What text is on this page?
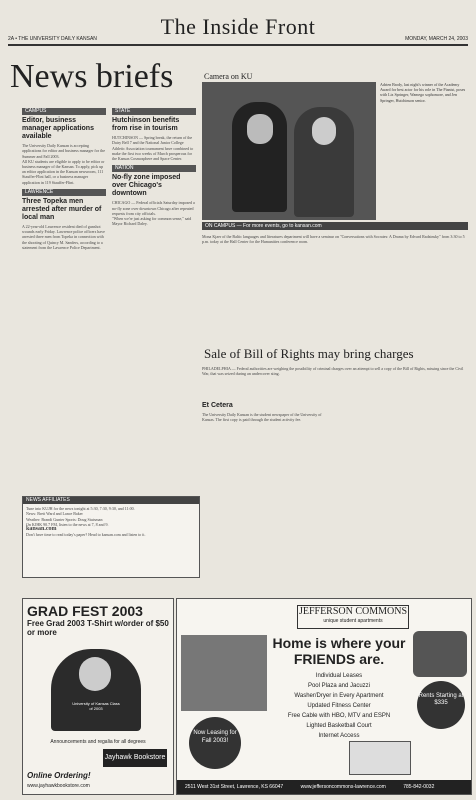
2A • THE UNIVERSITY DAILY KANSAN	The Inside Front	MONDAY, MARCH 24, 2003
News briefs
CAMPUS
Editor, business manager applications available
The University Daily Kansan is accepting applications for editor and business manager for the Summer and Fall 2003.
All KU students are eligible to apply to be editor or business manager of the Kansan. To apply, pick up an editor application in the Kansan newsroom, 111 Stauffer-Flint hall, or a business manager application in 119 Stauffer-Flint.
LAWRENCE
Three Topeka men arrested after murder of local man
A 22-year-old Lawrence resident died of gunshot wounds early Friday. Lawrence police officers have arrested three men from Topeka in connection with the shooting of Quincy M. Sanders, according to a statement from the Lawrence Police Department.
STATE
Hutchinson benefits from rise in tourism
HUTCHINSON — Spring break, the return of the Dairy Bell 7 and the National Junior College Athletic Association tournament have combined to make the first two weeks of March prosperous for the Kansas Cosmosphere and Space Center.
NATION
No-fly zone imposed over Chicago's downtown
CHICAGO — Federal officials Saturday imposed a no-fly zone over downtown Chicago after repeated requests from city officials.
"When we're just asking for common sense," said Mayor Richard Daley.
Camera on KU
Adrien Brody, last night's winner of the Academy Award for best actor for his role in The Pianist, poses with Liz Springer, Wamego sophomore, and Jen Springer, Hutchinson senior.
ON CAMPUS — For more events, go to kansan.com
Mona Kjaer of the Baltic languages and literatures department will have a seminar on "Conversations with Socrates: A Drama by Edvard Radzinsky" from 3:30 to 5 p.m. today at the Hall Center for the Humanities conference room.
Sale of Bill of Rights may bring charges
PHILADELPHIA — Federal authorities are weighing the possibility of criminal charges over an attempt to sell a copy of the Bill of Rights, missing since the Civil War, that was seized during an undercover sting.
Et Cetera
The University Daily Kansan is the student newspaper of the University of Kansas. The first copy is paid through the student activity fee.
NEWS AFFILIATES
Tune into KUJH for the news tonight at 5:30, 7:30, 9:30, and 11:00.
News: Brett Ward and Lance Baker
Weather: Brandi Gunter Sports: Doug Stutsman
On KJHK 90.7 FM, listen to the news at 7, 8 and 9.
kansan.com
Don't have time to read today's paper? Head to kansan.com and listen to it.
GRAD FEST 2003
Free Grad 2003 T-Shirt w/order of $50 or more
University of Kansas Class of 2003
Announcements and regalia for all degrees
Jayhawk Bookstore
Online Ordering!
www.jayhawkbookstore.com
JEFFERSON COMMONS
unique student apartments
Home is where your FRIENDS are.
Individual Leases
Pool Plaza and Jacuzzi
Washer/Dryer in Every Apartment
Updated Fitness Center
Free Cable with HBO, MTV and ESPN
Lighted Basketball Court
Internet Access
Now Leasing for Fall 2003!
Rents Starting at $335
2511 West 31st Street, Lawrence, KS 66047	www.jeffersoncommons-lawrence.com	785-842-0032
